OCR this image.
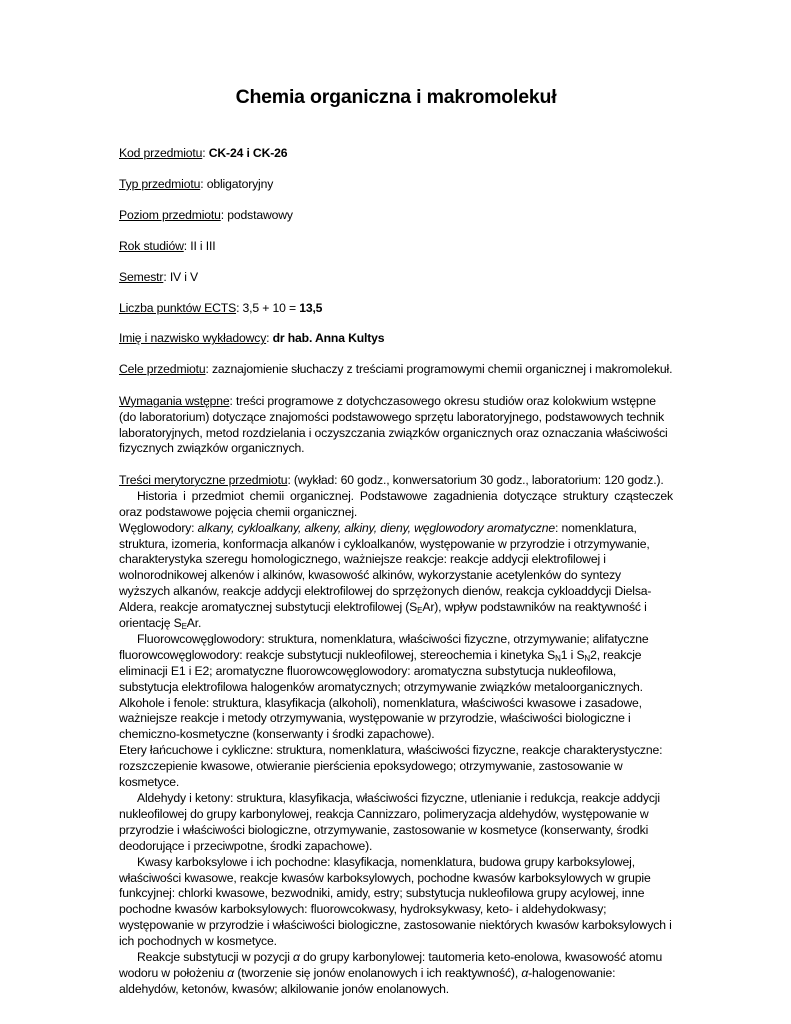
Chemia organiczna i makromolekuł

Kod przedmiotu: CK-24 i CK-26

Typ przedmiotu: obligatoryjny

Poziom przedmiotu: podstawowy

Rok studiów: II i III

Semestr: IV i V

Liczba punktów ECTS: 3,5 + 10 = 13,5

Imię i nazwisko wykładowcy: dr hab. Anna Kultys

Cele przedmiotu: zaznajomienie słuchaczy z treściami programowymi chemii organicznej i makromolekuł.

Wymagania wstępne: treści programowe z dotychczasowego okresu studiów oraz kolokwium wstępne (do laboratorium) dotyczące znajomości podstawowego sprzętu laboratoryjnego, podstawowych technik laboratoryjnych, metod rozdzielania i oczyszczania związków organicznych oraz oznaczania właściwości fizycznych związków organicznych.

Treści merytoryczne przedmiotu: (wykład: 60 godz., konwersatorium 30 godz., laboratorium: 120 godz.).

Historia i przedmiot chemii organicznej. Podstawowe zagadnienia dotyczące struktury cząsteczek oraz podstawowe pojęcia chemii organicznej.

Węglowodory: alkany, cykloalkany, alkeny, alkiny, dieny, węglowodory aromatyczne: nomenklatura, struktura, izomeria, konformacja alkanów i cykloalkanów, występowanie w przyrodzie i otrzymywanie, charakterystyka szeregu homologicznego, ważniejsze reakcje: reakcje addycji elektrofilowej i wolnorodnikowej alkenów i alkinów, kwasowość alkinów, wykorzystanie acetylenków do syntezy wyższych alkanów, reakcje addycji elektrofilowej do sprzężonych dienów, reakcja cykloaddycji Dielsa-Aldera, reakcje aromatycznej substytucji elektrofilowej $(S_EAr)$, wpływ podstawników na reaktywność i orientację $S_EAr$.

Fluorowcowęglowodory: struktura, nomenklatura, właściwości fizyczne, otrzymywanie; alifatyczne fluorowcowęglowodory: reakcje substytucji nukleofilowej, stereochemia i kinetyka $S_N1$ i $S_N2$, reakcje eliminacji E1 i E2; aromatyczne fluorowcowęglowodory: aromatyczna substytucja nukleofilowa, substytucja elektrofilowa halogenków aromatycznych; otrzymywanie związków metaloorganicznych.

Alkohole i fenole: struktura, klasyfikacja (alkoholi), nomenklatura, właściwości kwasowe i zasadowe, ważniejsze reakcje i metody otrzymywania, występowanie w przyrodzie, właściwości biologiczne i chemiczno-kosmetyczne (konserwanty i środki zapachowe).

Etery łańcuchowe i cykliczne: struktura, nomenklatura, właściwości fizyczne, reakcje charakterystyczne: rozszczepienie kwasowe, otwieranie pierścienia epoksydowego; otrzymywanie, zastosowanie w kosmetyce.

Aldehydy i ketony: struktura, klasyfikacja, właściwości fizyczne, utlenianie i redukcja, reakcje addycji nukleofilowej do grupy karbonylowej, reakcja Cannizzaro, polimeryzacja aldehydów, występowanie w przyrodzie i właściwości biologiczne, otrzymywanie, zastosowanie w kosmetyce (konserwanty, środki deodorujące i przeciwpotne, środki zapachowe).

Kwasy karboksylowe i ich pochodne: klasyfikacja, nomenklatura, budowa grupy karboksylowej, właściwości kwasowe, reakcje kwasów karboksylowych, pochodne kwasów karboksylowych w grupie funkcyjnej: chlorki kwasowe, bezwodniki, amidy, estry; substytucja nukleofilowa grupy acylowej, inne pochodne kwasów karboksylowych: fluorowcokwasy, hydroksykwasy, keto- i aldehydokwasy; występowanie w przyrodzie i właściwości biologiczne, zastosowanie niektórych kwasów karboksylowych i ich pochodnych w kosmetyce.

Reakcje substytucji w pozycji α do grupy karbonylowej: tautomeria keto-enolowa, kwasowość atomu wodoru w położeniu α (tworzenie się jonów enolanowych i ich reaktywność), α-halogenowanie: aldehydów, ketonów, kwasów; alkilowanie jonów enolanowych.
